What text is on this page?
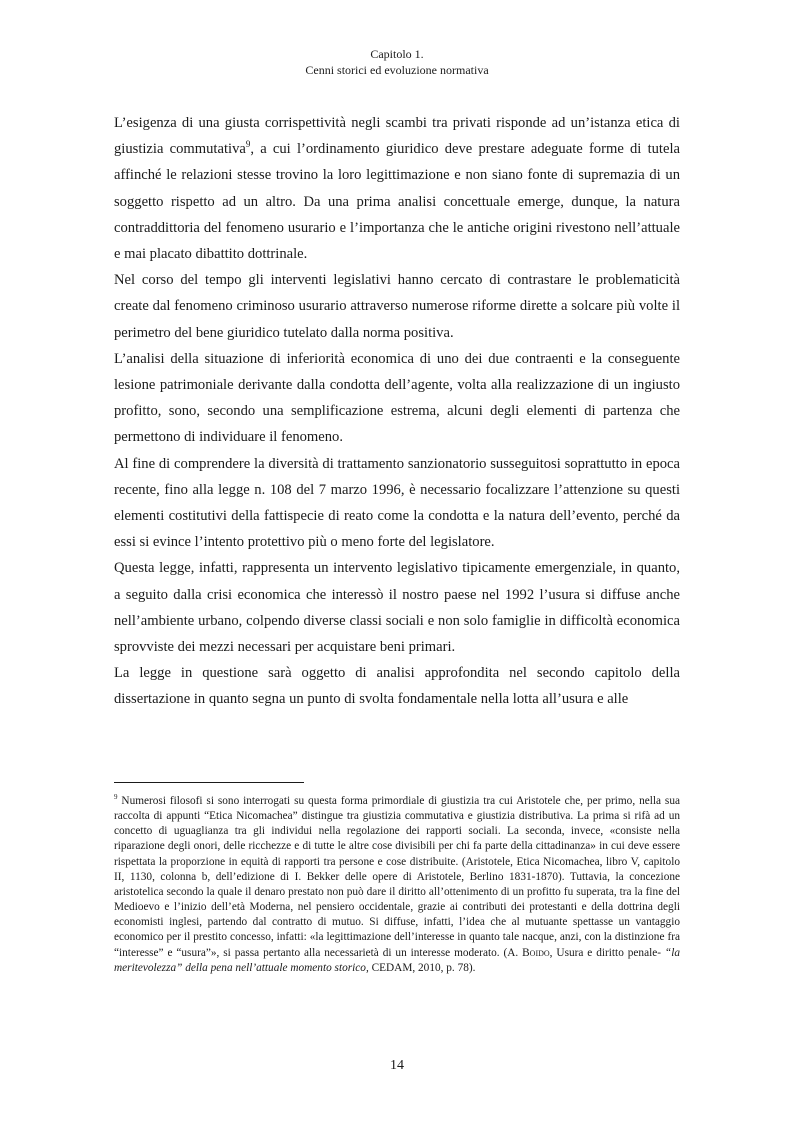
Capitolo 1.
Cenni storici ed evoluzione normativa

L’esigenza di una giusta corrispettività negli scambi tra privati risponde ad un’istanza etica di giustizia commutativa$^9$, a cui l’ordinamento giuridico deve prestare adeguate forme di tutela affinché le relazioni stesse trovino la loro legittimazione e non siano fonte di supremazia di un soggetto rispetto ad un altro. Da una prima analisi concettuale emerge, dunque, la natura contraddittoria del fenomeno usurario e l’importanza che le antiche origini rivestono nell’attuale e mai placato dibattito dottrinale.

Nel corso del tempo gli interventi legislativi hanno cercato di contrastare le problematicità create dal fenomeno criminoso usurario attraverso numerose riforme dirette a solcare più volte il perimetro del bene giuridico tutelato dalla norma positiva.

L’analisi della situazione di inferiorità economica di uno dei due contraenti e la conseguente lesione patrimoniale derivante dalla condotta dell’agente, volta alla realizzazione di un ingiusto profitto, sono, secondo una semplificazione estrema, alcuni degli elementi di partenza che permettono di individuare il fenomeno.

Al fine di comprendere la diversità di trattamento sanzionatorio susseguitosi soprattutto in epoca recente, fino alla legge n. 108 del 7 marzo 1996, è necessario focalizzare l’attenzione su questi elementi costitutivi della fattispecie di reato come la condotta e la natura dell’evento, perché da essi si evince l’intento protettivo più o meno forte del legislatore.

Questa legge, infatti, rappresenta un intervento legislativo tipicamente emergenziale, in quanto, a seguito dalla crisi economica che interessò il nostro paese nel 1992 l’usura si diffuse anche nell’ambiente urbano, colpendo diverse classi sociali e non solo famiglie in difficoltà economica sprovviste dei mezzi necessari per acquistare beni primari.

La legge in questione sarà oggetto di analisi approfondita nel secondo capitolo della dissertazione in quanto segna un punto di svolta fondamentale nella lotta all’usura e alle

$^9$ Numerosi filosofi si sono interrogati su questa forma primordiale di giustizia tra cui Aristotele che, per primo, nella sua raccolta di appunti “Etica Nicomachea” distingue tra giustizia commutativa e giustizia distributiva. La prima si rifà ad un concetto di uguaglianza tra gli individui nella regolazione dei rapporti sociali. La seconda, invece, «consiste nella riparazione degli onori, delle ricchezze e di tutte le altre cose divisibili per chi fa parte della cittadinanza» in cui deve essere rispettata la proporzione in equità di rapporti tra persone e cose distribuite. (Aristotele, Etica Nicomachea, libro V, capitolo II, 1130, colonna b, dell’edizione di I. Bekker delle opere di Aristotele, Berlino 1831-1870). Tuttavia, la concezione aristotelica secondo la quale il denaro prestato non può dare il diritto all’ottenimento di un profitto fu superata, tra la fine del Medioevo e l’inizio dell’età Moderna, nel pensiero occidentale, grazie ai contributi dei protestanti e della dottrina degli economisti inglesi, partendo dal contratto di mutuo. Si diffuse, infatti, l’idea che al mutuante spettasse un vantaggio economico per il prestito concesso, infatti: «la legittimazione dell’interesse in quanto tale nacque, anzi, con la distinzione fra “interesse” e “usura”», si passa pertanto alla necessarietà di un interesse moderato. (A. Boido, Usura e diritto penale- “la meritevolezza” della pena nell’attuale momento storico, CEDAM, 2010, p. 78).
14
